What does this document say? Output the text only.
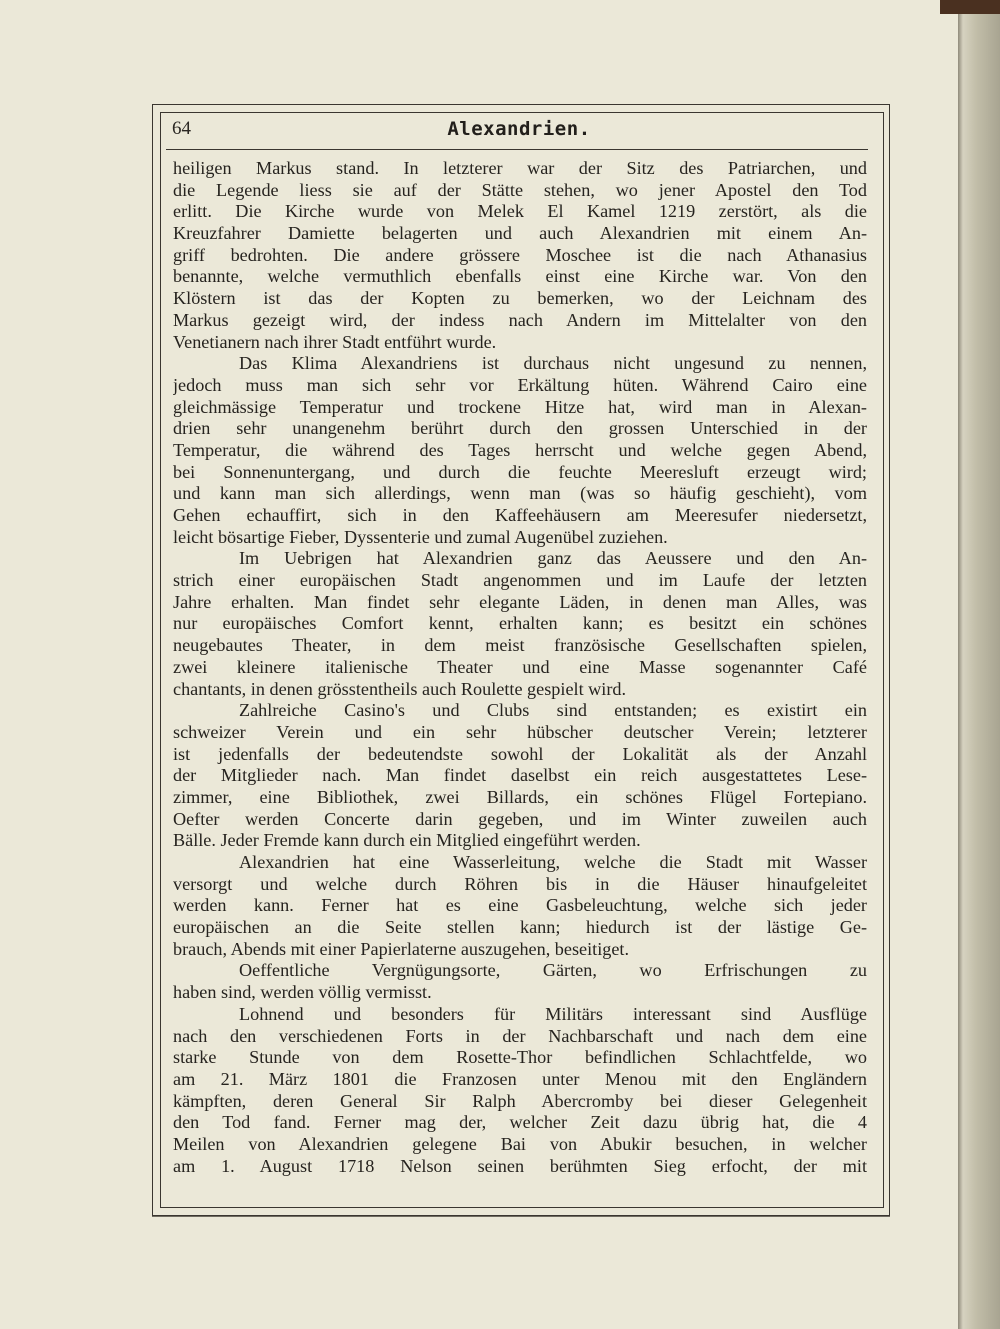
64	Alexandrien.
heiligen Markus stand. In letzterer war der Sitz des Patriarchen, und
die Legende liess sie auf der Stätte stehen, wo jener Apostel den Tod
erlitt. Die Kirche wurde von Melek El Kamel 1219 zerstört, als die
Kreuzfahrer Damiette belagerten und auch Alexandrien mit einem An-
griff bedrohten. Die andere grössere Moschee ist die nach Athanasius
benannte, welche vermuthlich ebenfalls einst eine Kirche war. Von den
Klöstern ist das der Kopten zu bemerken, wo der Leichnam des
Markus gezeigt wird, der indess nach Andern im Mittelalter von den
Venetianern nach ihrer Stadt entführt wurde.
Das Klima Alexandriens ist durchaus nicht ungesund zu nennen,
jedoch muss man sich sehr vor Erkältung hüten. Während Cairo eine
gleichmässige Temperatur und trockene Hitze hat, wird man in Alexan-
drien sehr unangenehm berührt durch den grossen Unterschied in der
Temperatur, die während des Tages herrscht und welche gegen Abend,
bei Sonnenuntergang, und durch die feuchte Meeresluft erzeugt wird;
und kann man sich allerdings, wenn man (was so häufig geschieht), vom
Gehen echauffirt, sich in den Kaffeehäusern am Meeresufer niedersetzt,
leicht bösartige Fieber, Dyssenterie und zumal Augenübel zuziehen.
Im Uebrigen hat Alexandrien ganz das Aeussere und den An-
strich einer europäischen Stadt angenommen und im Laufe der letzten
Jahre erhalten. Man findet sehr elegante Läden, in denen man Alles, was
nur europäisches Comfort kennt, erhalten kann; es besitzt ein schönes
neugebautes Theater, in dem meist französische Gesellschaften spielen,
zwei kleinere italienische Theater und eine Masse sogenannter Café
chantants, in denen grösstentheils auch Roulette gespielt wird.
Zahlreiche Casino's und Clubs sind entstanden; es existirt ein
schweizer Verein und ein sehr hübscher deutscher Verein; letzterer
ist jedenfalls der bedeutendste sowohl der Lokalität als der Anzahl
der Mitglieder nach. Man findet daselbst ein reich ausgestattetes Lese-
zimmer, eine Bibliothek, zwei Billards, ein schönes Flügel Fortepiano.
Oefter werden Concerte darin gegeben, und im Winter zuweilen auch
Bälle. Jeder Fremde kann durch ein Mitglied eingeführt werden.
Alexandrien hat eine Wasserleitung, welche die Stadt mit Wasser
versorgt und welche durch Röhren bis in die Häuser hinaufgeleitet
werden kann. Ferner hat es eine Gasbeleuchtung, welche sich jeder
europäischen an die Seite stellen kann; hiedurch ist der lästige Ge-
brauch, Abends mit einer Papierlaterne auszugehen, beseitiget.
Oeffentliche Vergnügungsorte, Gärten, wo Erfrischungen zu
haben sind, werden völlig vermisst.
Lohnend und besonders für Militärs interessant sind Ausflüge
nach den verschiedenen Forts in der Nachbarschaft und nach dem eine
starke Stunde von dem Rosette-Thor befindlichen Schlachtfelde, wo
am 21. März 1801 die Franzosen unter Menou mit den Engländern
kämpften, deren General Sir Ralph Abercromby bei dieser Gelegenheit
den Tod fand. Ferner mag der, welcher Zeit dazu übrig hat, die 4
Meilen von Alexandrien gelegene Bai von Abukir besuchen, in welcher
am 1. August 1718 Nelson seinen berühmten Sieg erfocht, der mit
